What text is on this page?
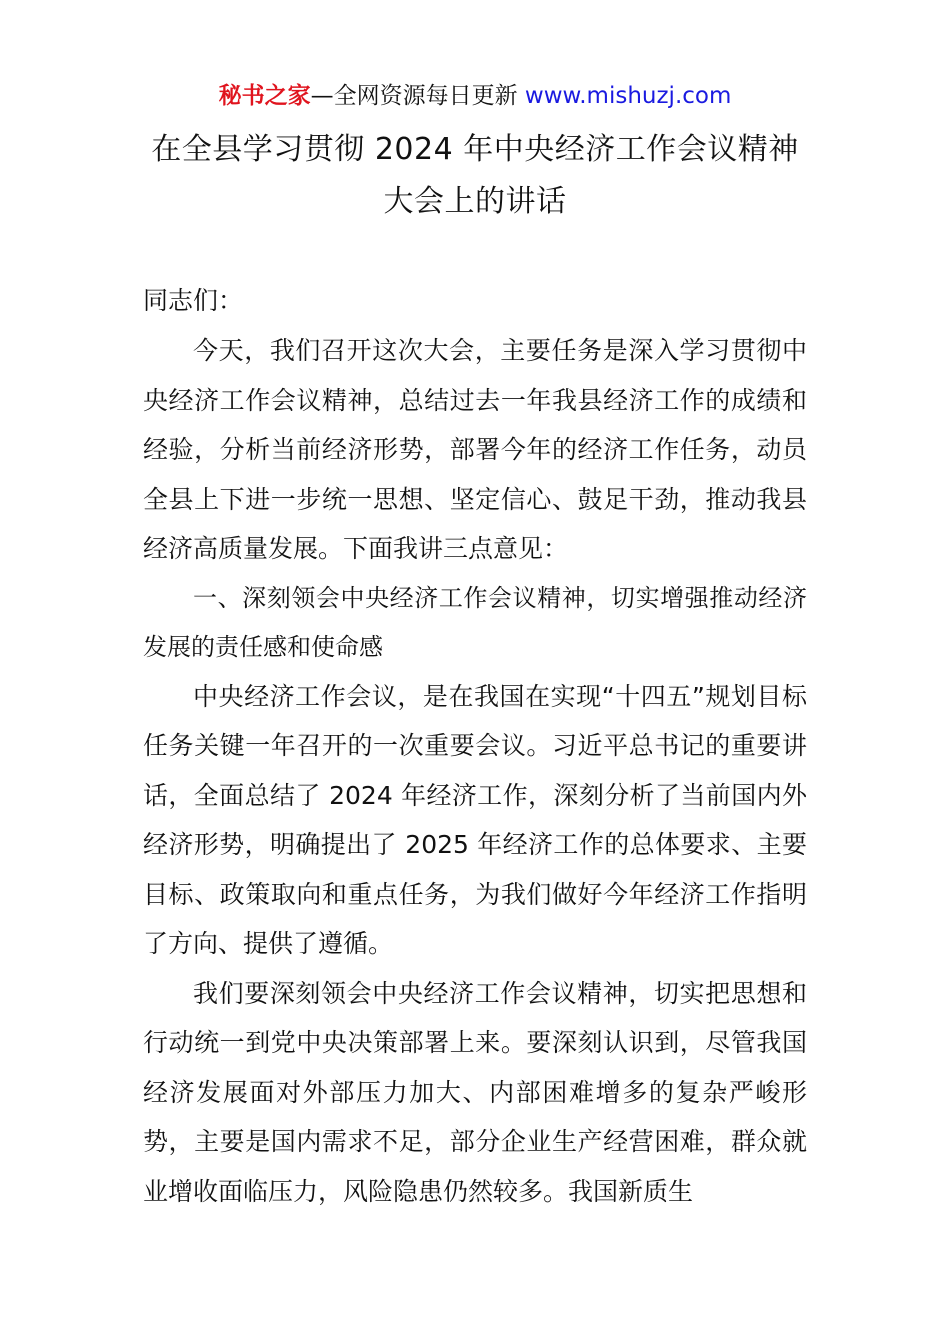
秘书之家—全网资源每日更新 www.mishuzj.com
在全县学习贯彻 2024 年中央经济工作会议精神
大会上的讲话

同志们：

今天，我们召开这次大会，主要任务是深入学习贯彻中央经济工作会议精神，总结过去一年我县经济工作的成绩和经验，分析当前经济形势，部署今年的经济工作任务，动员全县上下进一步统一思想、坚定信心、鼓足干劲，推动我县经济高质量发展。下面我讲三点意见：

一、深刻领会中央经济工作会议精神，切实增强推动经济发展的责任感和使命感

中央经济工作会议，是在我国在实现“十四五”规划目标任务关键一年召开的一次重要会议。习近平总书记的重要讲话，全面总结了 2024 年经济工作，深刻分析了当前国内外经济形势，明确提出了 2025 年经济工作的总体要求、主要目标、政策取向和重点任务，为我们做好今年经济工作指明了方向、提供了遵循。

我们要深刻领会中央经济工作会议精神，切实把思想和行动统一到党中央决策部署上来。要深刻认识到，尽管我国经济发展面对外部压力加大、内部困难增多的复杂严峻形势，主要是国内需求不足，部分企业生产经营困难，群众就业增收面临压力，风险隐患仍然较多。我国新质生
